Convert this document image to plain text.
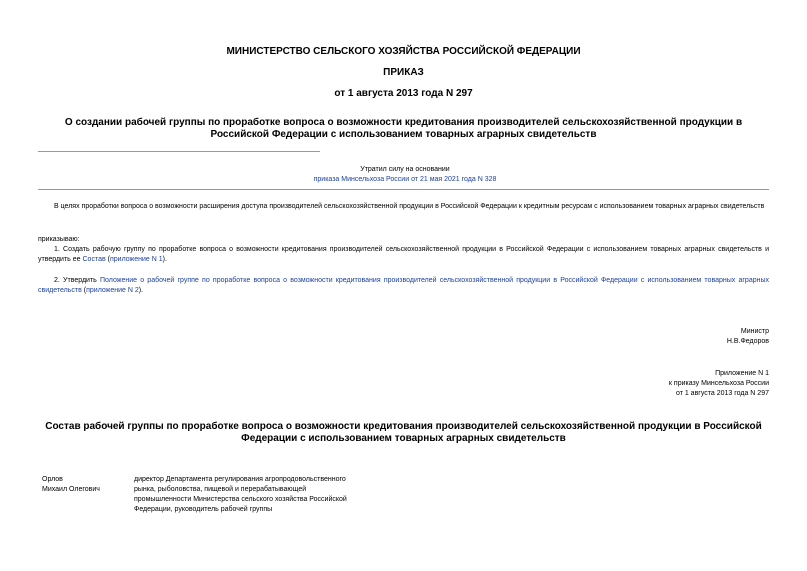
МИНИСТЕРСТВО СЕЛЬСКОГО ХОЗЯЙСТВА РОССИЙСКОЙ ФЕДЕРАЦИИ
ПРИКАЗ
от 1 августа 2013 года N 297
О создании рабочей группы по проработке вопроса о возможности кредитования производителей сельскохозяйственной продукции в Российской Федерации с использованием товарных аграрных свидетельств
Утратил силу на основании
приказа Минсельхоза России от 21 мая 2021 года N 328
В целях проработки вопроса о возможности расширения доступа производителей сельскохозяйственной продукции в Российской Федерации к кредитным ресурсам с использованием товарных аграрных свидетельств
приказываю:
1. Создать рабочую группу по проработке вопроса о возможности кредитования производителей сельскохозяйственной продукции в Российской Федерации с использованием товарных аграрных свидетельств и утвердить ее Состав (приложение N 1).
2. Утвердить Положение о рабочей группе по проработке вопроса о возможности кредитования производителей сельскохозяйственной продукции в Российской Федерации с использованием товарных аграрных свидетельств (приложение N 2).
Министр
Н.В.Федоров
Приложение N 1
к приказу Минсельхоза России
от 1 августа 2013 года N 297
Состав рабочей группы по проработке вопроса о возможности кредитования производителей сельскохозяйственной продукции в Российской Федерации с использованием товарных аграрных свидетельств
Орлов
Михаил Олегович
директор Департамента регулирования агропродовольственного
рынка, рыболовства, пищевой и перерабатывающей
промышленности Министерства сельского хозяйства Российской
Федерации, руководитель рабочей группы
